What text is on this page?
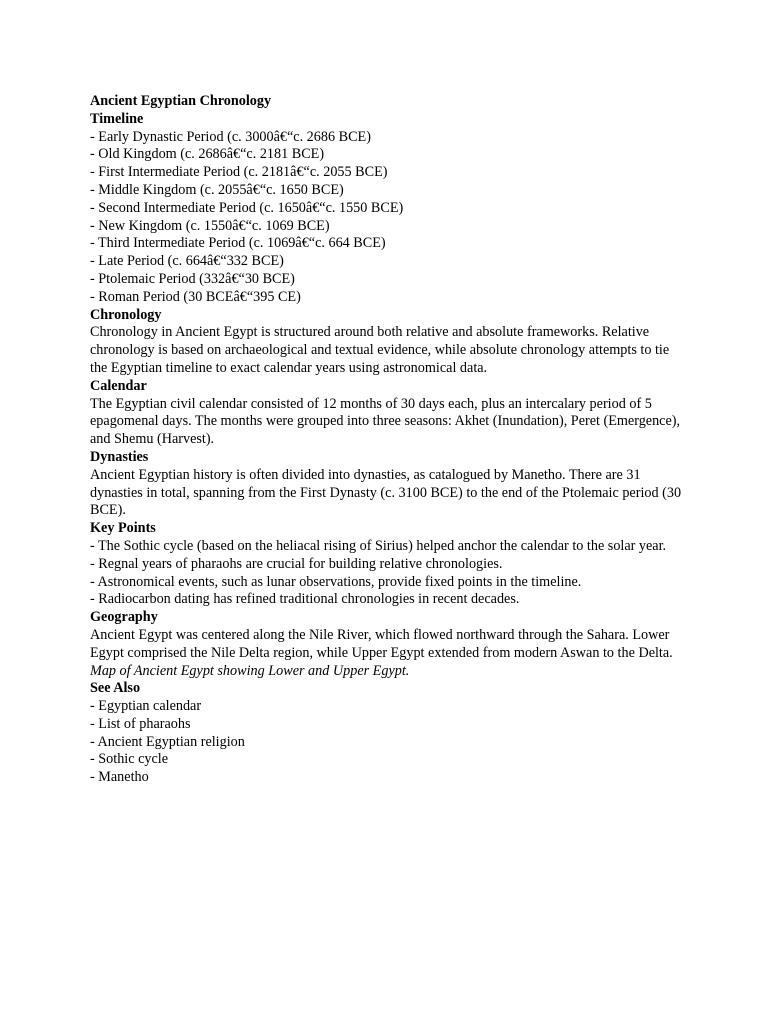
Ancient Egyptian Chronology
Timeline
- Early Dynastic Period (c. 3000â€“c. 2686 BCE)
- Old Kingdom (c. 2686â€“c. 2181 BCE)
- First Intermediate Period (c. 2181â€“c. 2055 BCE)
- Middle Kingdom (c. 2055â€“c. 1650 BCE)
- Second Intermediate Period (c. 1650â€“c. 1550 BCE)
- New Kingdom (c. 1550â€“c. 1069 BCE)
- Third Intermediate Period (c. 1069â€“c. 664 BCE)
- Late Period (c. 664â€“332 BCE)
- Ptolemaic Period (332â€“30 BCE)
- Roman Period (30 BCEâ€“395 CE)
Chronology

Chronology in Ancient Egypt is structured around both relative and absolute frameworks. Relative chronology is based on archaeological and textual evidence, while absolute chronology attempts to tie the Egyptian timeline to exact calendar years using astronomical data.

Calendar

The Egyptian civil calendar consisted of 12 months of 30 days each, plus an intercalary period of 5 epagomenal days. The months were grouped into three seasons: Akhet (Inundation), Peret (Emergence), and Shemu (Harvest).

Dynasties

Ancient Egyptian history is often divided into dynasties, as catalogued by Manetho. There are 31 dynasties in total, spanning from the First Dynasty (c. 3100 BCE) to the end of the Ptolemaic period (30 BCE).

Key Points
- The Sothic cycle (based on the heliacal rising of Sirius) helped anchor the calendar to the solar year.
- Regnal years of pharaohs are crucial for building relative chronologies.
- Astronomical events, such as lunar observations, provide fixed points in the timeline.
- Radiocarbon dating has refined traditional chronologies in recent decades.
Geography

Ancient Egypt was centered along the Nile River, which flowed northward through the Sahara. Lower Egypt comprised the Nile Delta region, while Upper Egypt extended from modern Aswan to the Delta.

Map of Ancient Egypt showing Lower and Upper Egypt.
See Also
- Egyptian calendar
- List of pharaohs
- Ancient Egyptian religion
- Sothic cycle
- Manetho
